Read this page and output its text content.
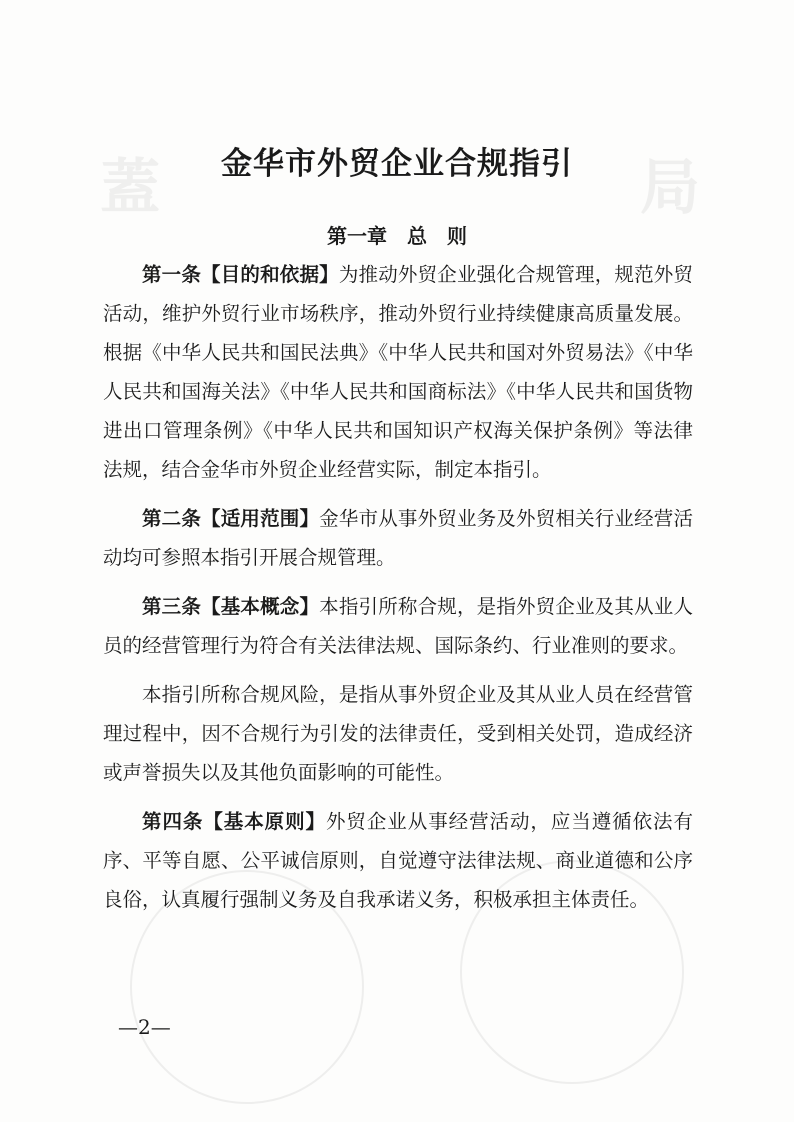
蓋	局
金华市外贸企业合规指引
第一章　总　则

第一条【目的和依据】为推动外贸企业强化合规管理，规范外贸活动，维护外贸行业市场秩序，推动外贸行业持续健康高质量发展。根据《中华人民共和国民法典》《中华人民共和国对外贸易法》《中华人民共和国海关法》《中华人民共和国商标法》《中华人民共和国货物进出口管理条例》《中华人民共和国知识产权海关保护条例》等法律法规，结合金华市外贸企业经营实际，制定本指引。

第二条【适用范围】金华市从事外贸业务及外贸相关行业经营活动均可参照本指引开展合规管理。

第三条【基本概念】本指引所称合规，是指外贸企业及其从业人员的经营管理行为符合有关法律法规、国际条约、行业准则的要求。

本指引所称合规风险，是指从事外贸企业及其从业人员在经营管理过程中，因不合规行为引发的法律责任，受到相关处罚，造成经济或声誉损失以及其他负面影响的可能性。

第四条【基本原则】外贸企业从事经营活动，应当遵循依法有序、平等自愿、公平诚信原则，自觉遵守法律法规、商业道德和公序良俗，认真履行强制义务及自我承诺义务，积极承担主体责任。

—2—
